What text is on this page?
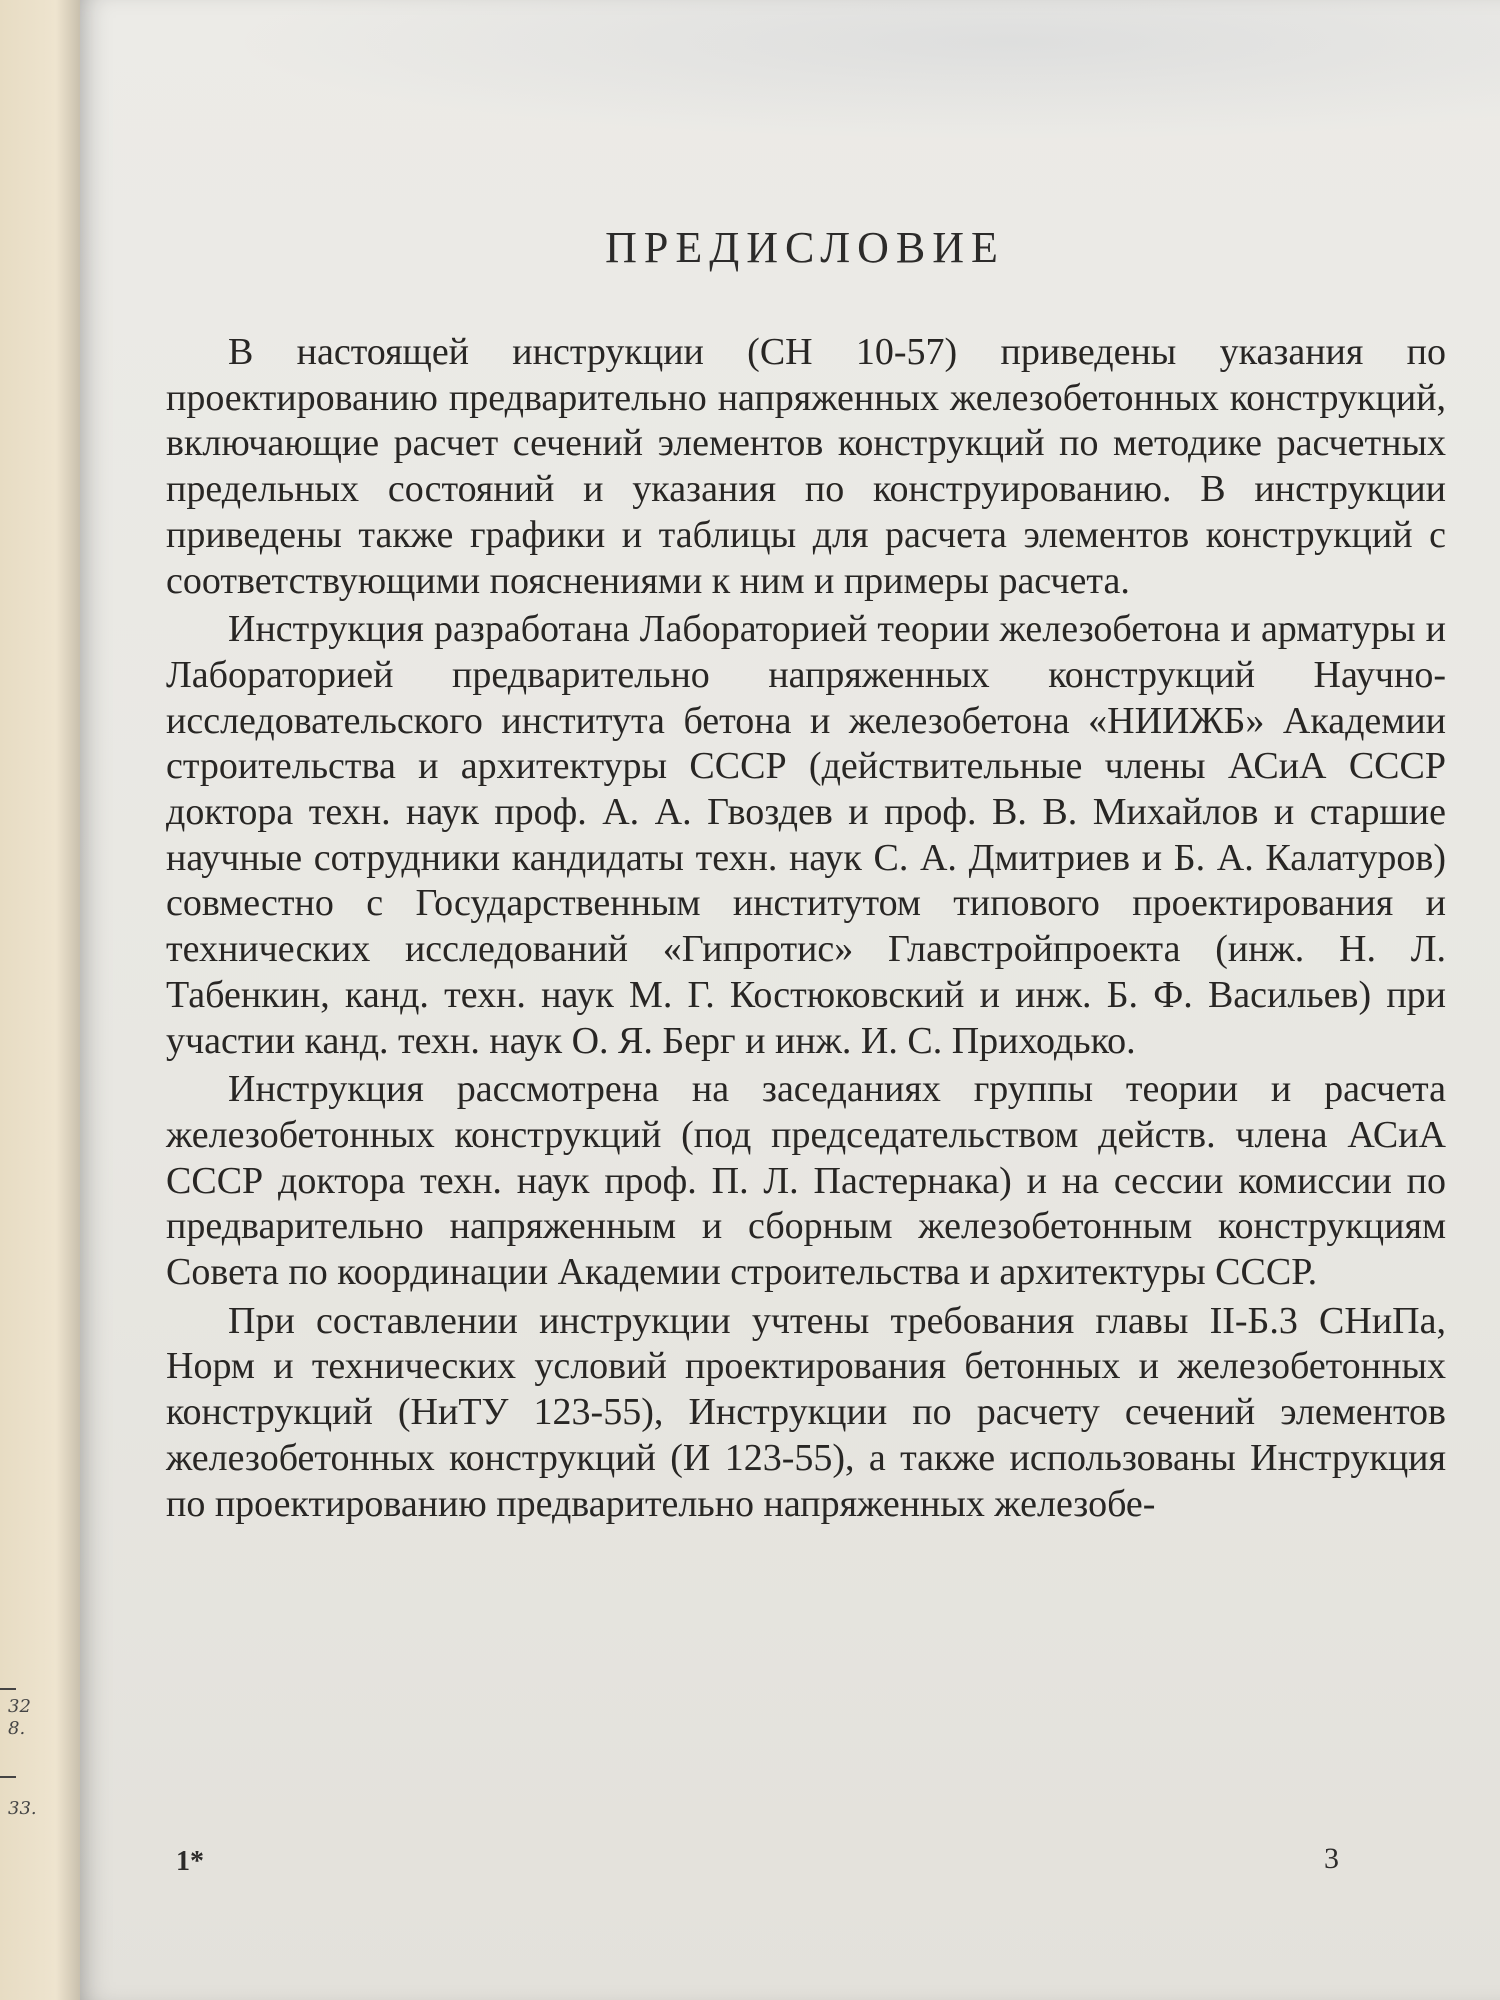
32
8.
33.
ПРЕДИСЛОВИЕ

В настоящей инструкции (СН 10-57) приведены указания по проектированию предварительно напряженных железобетонных конструкций, включающие расчет сечений элементов конструкций по методике расчетных предельных состояний и указания по конструированию. В инструкции приведены также графики и таблицы для расчета элементов конструкций с соответствующими пояснениями к ним и примеры расчета.

Инструкция разработана Лабораторией теории железобетона и арматуры и Лабораторией предварительно напряженных конструкций Научно-исследовательского института бетона и железобетона «НИИЖБ» Академии строительства и архитектуры СССР (действительные члены АСиА СССР доктора техн. наук проф. А. А. Гвоздев и проф. В. В. Михайлов и старшие научные сотрудники кандидаты техн. наук С. А. Дмитриев и Б. А. Калатуров) совместно с Государственным институтом типового проектирования и технических исследований «Гипротис» Главстройпроекта (инж. Н. Л. Табенкин, канд. техн. наук М. Г. Костюковский и инж. Б. Ф. Васильев) при участии канд. техн. наук О. Я. Берг и инж. И. С. Приходько.

Инструкция рассмотрена на заседаниях группы теории и расчета железобетонных конструкций (под председательством действ. члена АСиА СССР доктора техн. наук проф. П. Л. Пастернака) и на сессии комиссии по предварительно напряженным и сборным железобетонным конструкциям Совета по координации Академии строительства и архитектуры СССР.

При составлении инструкции учтены требования главы II-Б.3 СНиПа, Норм и технических условий проектирования бетонных и железобетонных конструкций (НиТУ 123-55), Инструкции по расчету сечений элементов железобетонных конструкций (И 123-55), а также использованы Инструкция по проектированию предварительно напряженных железобе-

1*	3
